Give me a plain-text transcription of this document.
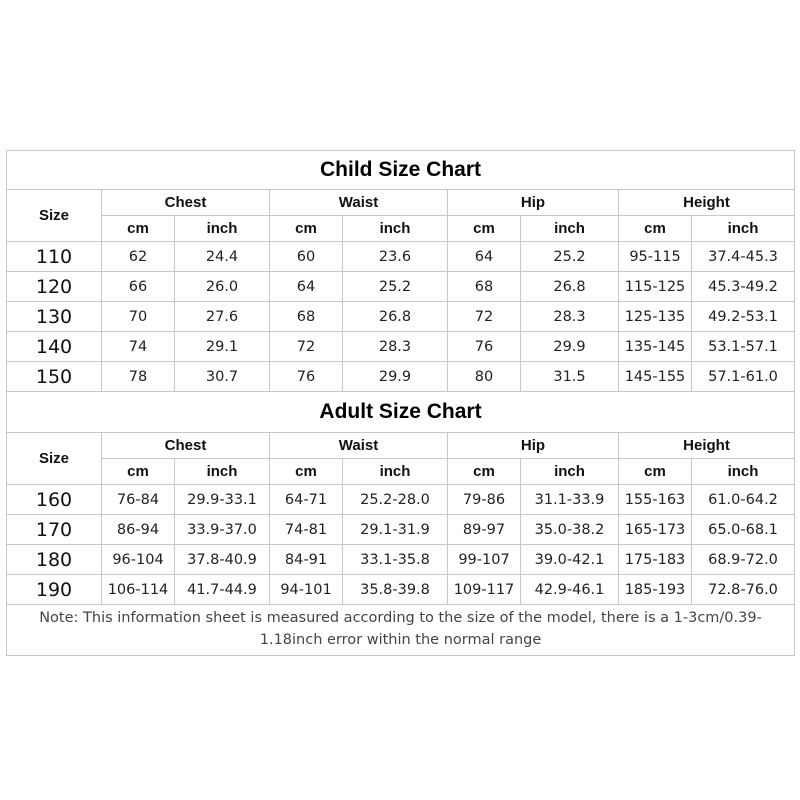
Child Size Chart								
Size	Chest		Waist		Hip		Height	
	cm	inch	cm	inch	cm	inch	cm	inch
110	62	24.4	60	23.6	64	25.2	95-115	37.4-45.3
120	66	26.0	64	25.2	68	26.8	115-125	45.3-49.2
130	70	27.6	68	26.8	72	28.3	125-135	49.2-53.1
140	74	29.1	72	28.3	76	29.9	135-145	53.1-57.1
150	78	30.7	76	29.9	80	31.5	145-155	57.1-61.0
Adult Size Chart								
Size	Chest		Waist		Hip		Height	
	cm	inch	cm	inch	cm	inch	cm	inch
160	76-84	29.9-33.1	64-71	25.2-28.0	79-86	31.1-33.9	155-163	61.0-64.2
170	86-94	33.9-37.0	74-81	29.1-31.9	89-97	35.0-38.2	165-173	65.0-68.1
180	96-104	37.8-40.9	84-91	33.1-35.8	99-107	39.0-42.1	175-183	68.9-72.0
190	106-114	41.7-44.9	94-101	35.8-39.8	109-117	42.9-46.1	185-193	72.8-76.0
Note: This information sheet is measured according to the size of the model, there is a 1-3cm/0.39-1.18inch error within the normal range								
